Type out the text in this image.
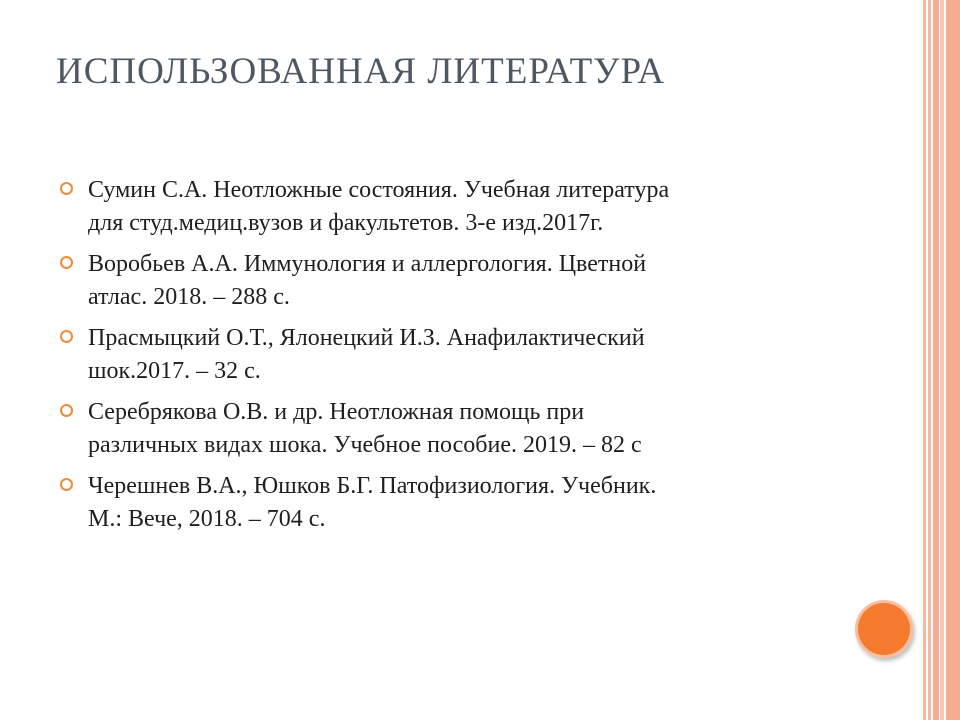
ИСПОЛЬЗОВАННАЯ ЛИТЕРАТУРА
Сумин С.А. Неотложные состояния. Учебная литература
для студ.медиц.вузов и факультетов. 3-е изд.2017г.
Воробьев А.А. Иммунология и аллергология. Цветной
атлас. 2018. – 288 с.
Прасмыцкий О.Т., Ялонецкий И.З. Анафилактический
шок.2017. – 32 с.
Серебрякова О.В. и др. Неотложная помощь при
различных видах шока. Учебное пособие. 2019. – 82 с
Черешнев В.А., Юшков Б.Г. Патофизиология. Учебник.
М.: Вече, 2018. – 704 с.
